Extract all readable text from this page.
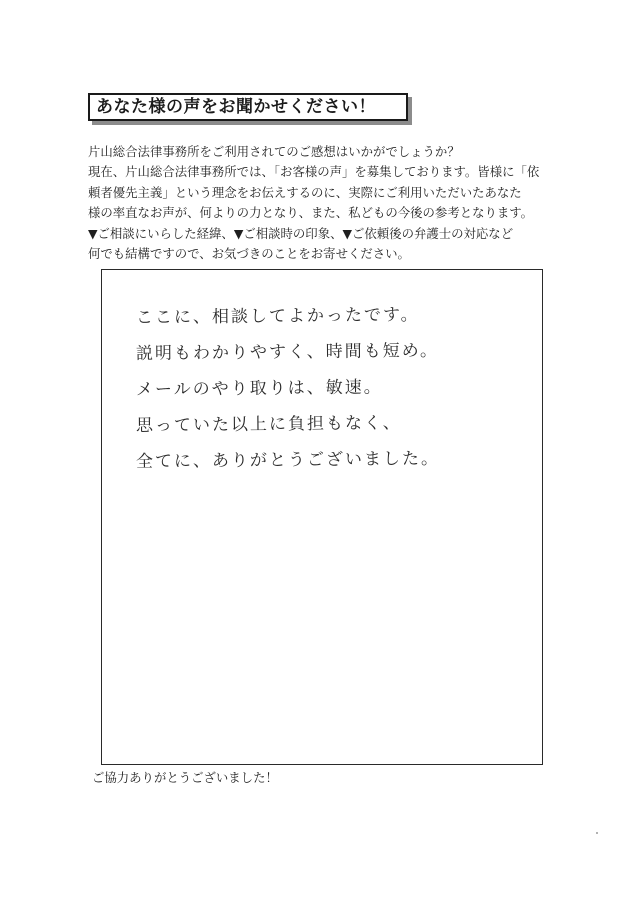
あなた様の声をお聞かせください！
片山総合法律事務所をご利用されてのご感想はいかがでしょうか？
現在、片山総合法律事務所では、「お客様の声」を募集しております。皆様に「依
頼者優先主義」という理念をお伝えするのに、実際にご利用いただいたあなた
様の率直なお声が、何よりの力となり、また、私どもの今後の参考となります。
▼ご相談にいらした経緯、▼ご相談時の印象、▼ご依頼後の弁護士の対応など
何でも結構ですので、お気づきのことをお寄せください。
ここに、相談してよかったです。
説明もわかりやすく、時間も短め。
メールのやり取りは、敏速。
思っていた以上に負担もなく、
全てに、ありがとうございました。
ご協力ありがとうございました！
